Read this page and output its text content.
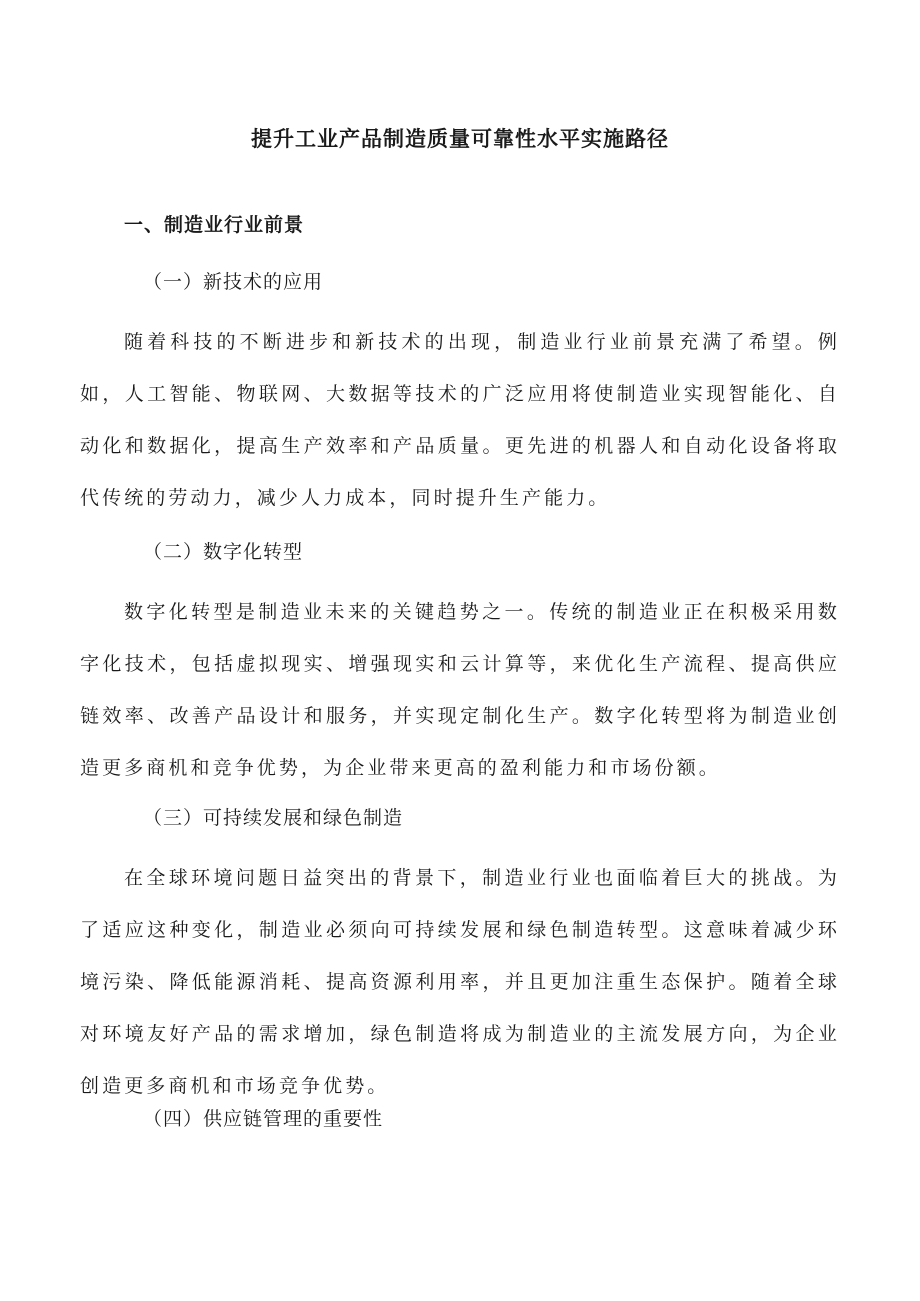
提升工业产品制造质量可靠性水平实施路径
一、制造业行业前景
（一）新技术的应用
随着科技的不断进步和新技术的出现，制造业行业前景充满了希望。例如，人工智能、物联网、大数据等技术的广泛应用将使制造业实现智能化、自动化和数据化，提高生产效率和产品质量。更先进的机器人和自动化设备将取代传统的劳动力，减少人力成本，同时提升生产能力。
（二）数字化转型
数字化转型是制造业未来的关键趋势之一。传统的制造业正在积极采用数字化技术，包括虚拟现实、增强现实和云计算等，来优化生产流程、提高供应链效率、改善产品设计和服务，并实现定制化生产。数字化转型将为制造业创造更多商机和竞争优势，为企业带来更高的盈利能力和市场份额。
（三）可持续发展和绿色制造
在全球环境问题日益突出的背景下，制造业行业也面临着巨大的挑战。为了适应这种变化，制造业必须向可持续发展和绿色制造转型。这意味着减少环境污染、降低能源消耗、提高资源利用率，并且更加注重生态保护。随着全球对环境友好产品的需求增加，绿色制造将成为制造业的主流发展方向，为企业创造更多商机和市场竞争优势。
（四）供应链管理的重要性
